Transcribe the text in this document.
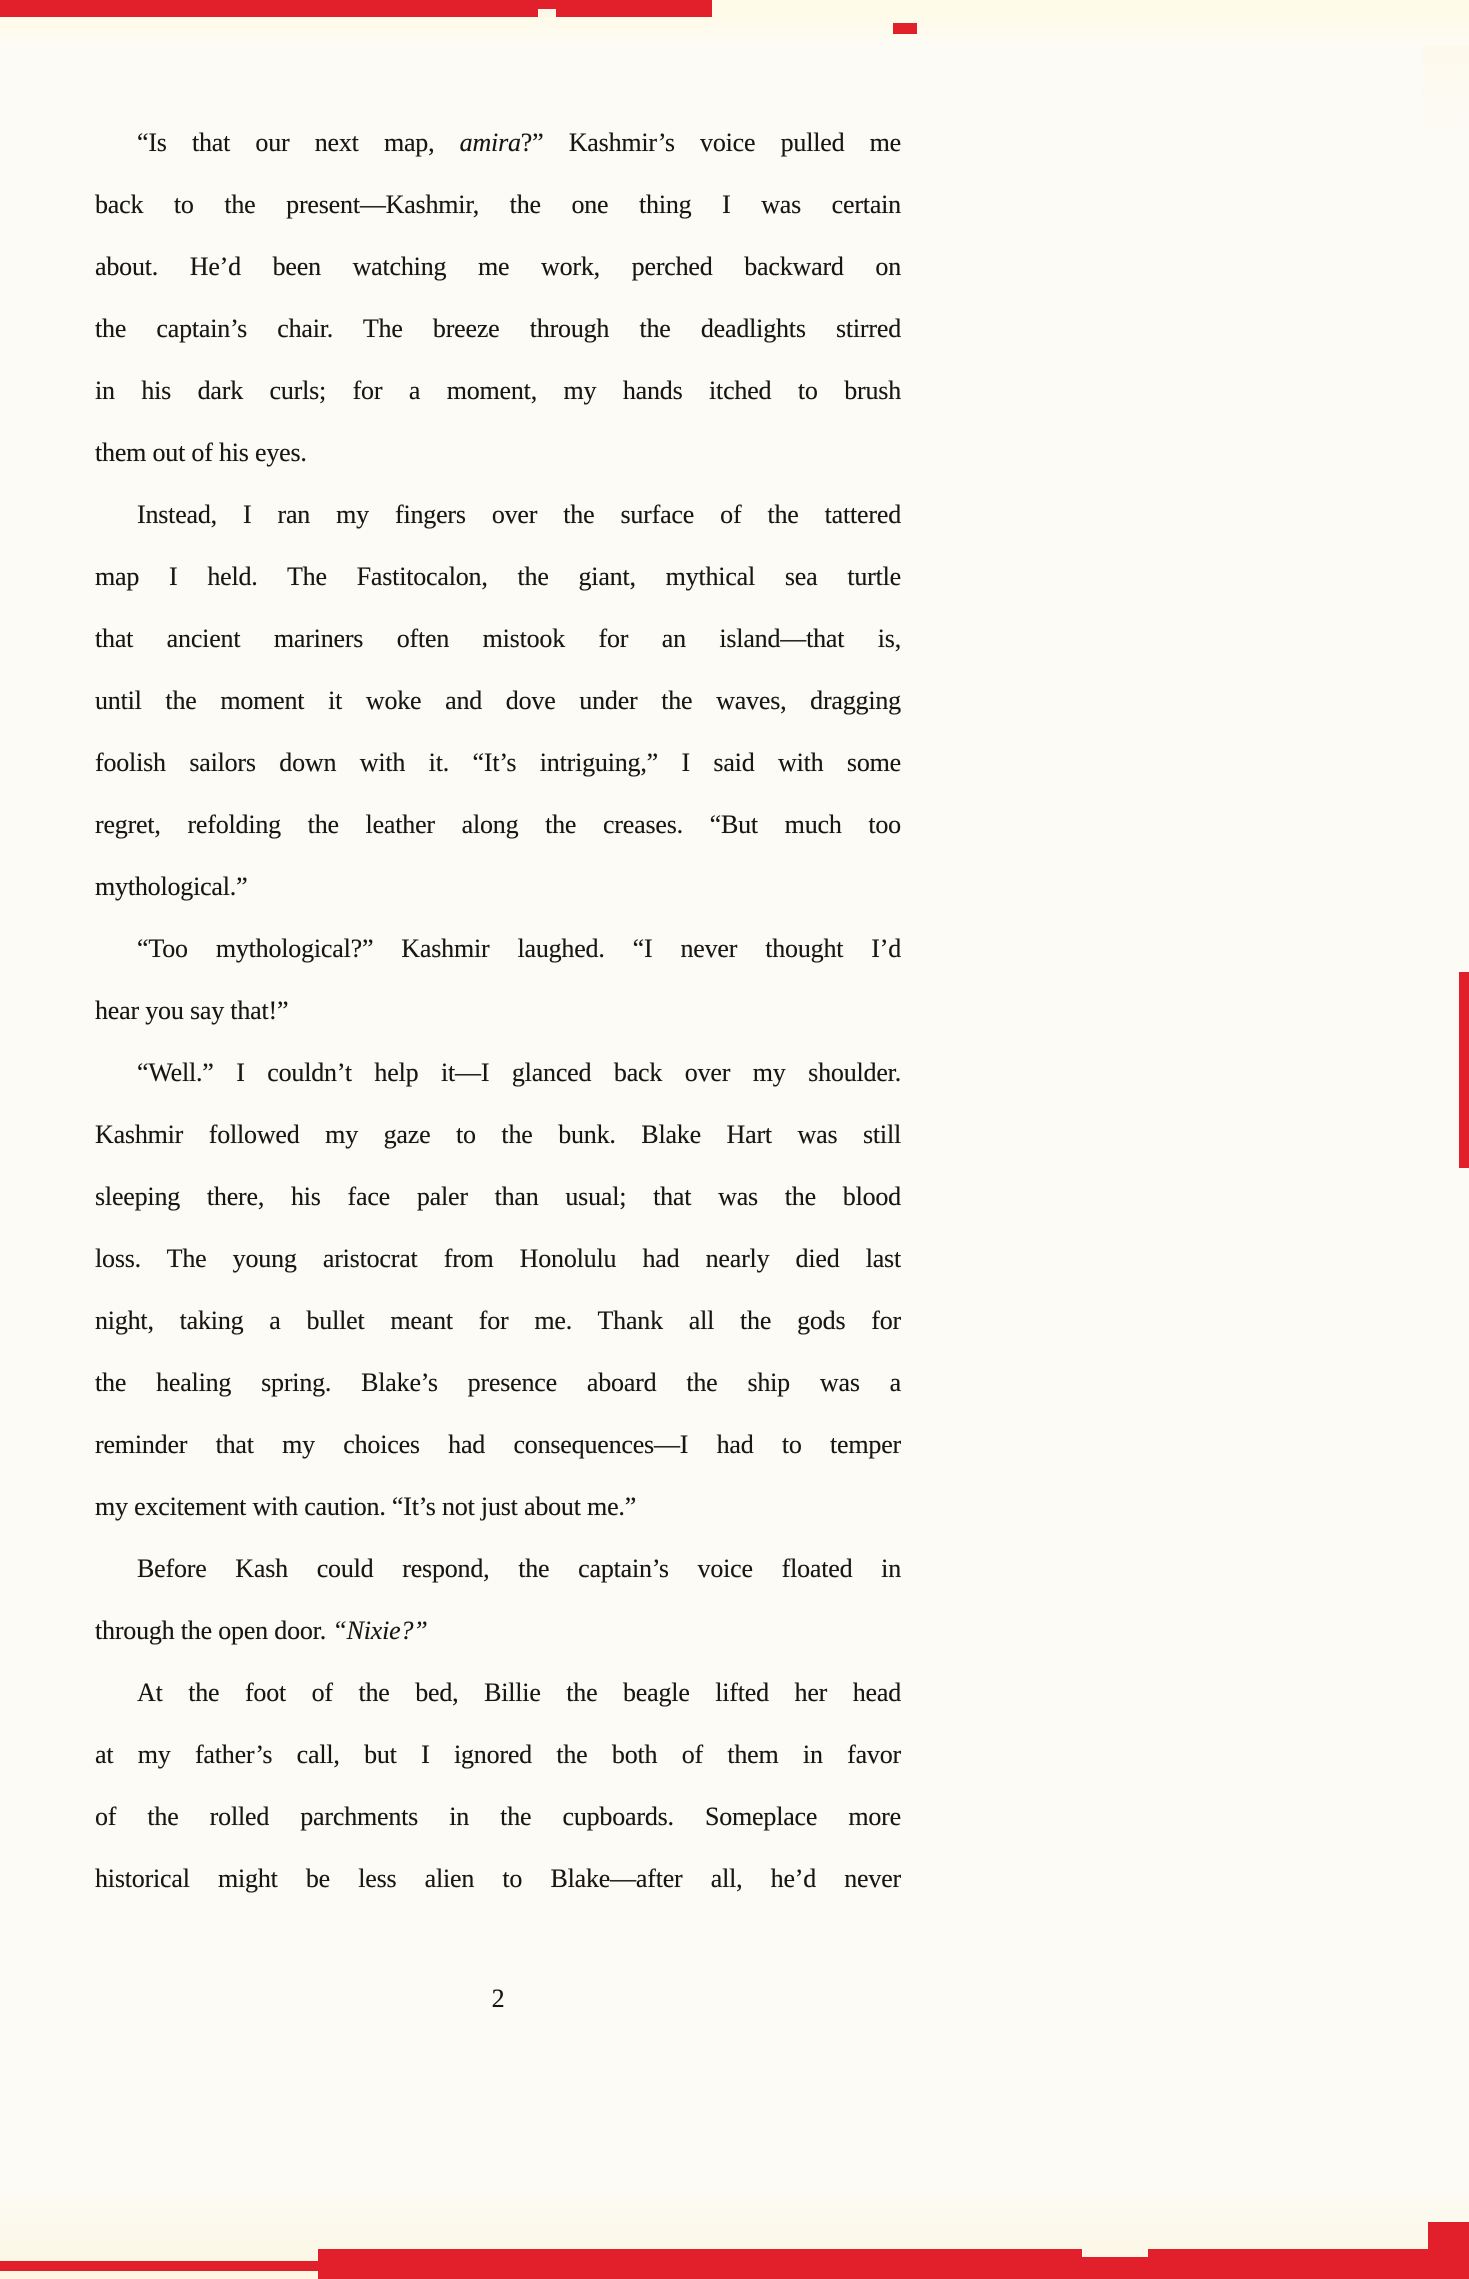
“Is that our next map, amira?” Kashmir’s voice pulled me
back to the present—Kashmir, the one thing I was certain
about. He’d been watching me work, perched backward on
the captain’s chair. The breeze through the deadlights stirred
in his dark curls; for a moment, my hands itched to brush
them out of his eyes.
Instead, I ran my fingers over the surface of the tattered
map I held. The Fastitocalon, the giant, mythical sea turtle
that ancient mariners often mistook for an island—that is,
until the moment it woke and dove under the waves, dragging
foolish sailors down with it. “It’s intriguing,” I said with some
regret, refolding the leather along the creases. “But much too
mythological.”
“Too mythological?” Kashmir laughed. “I never thought I’d
hear you say that!”
“Well.” I couldn’t help it—I glanced back over my shoulder.
Kashmir followed my gaze to the bunk. Blake Hart was still
sleeping there, his face paler than usual; that was the blood
loss. The young aristocrat from Honolulu had nearly died last
night, taking a bullet meant for me. Thank all the gods for
the healing spring. Blake’s presence aboard the ship was a
reminder that my choices had consequences—I had to temper
my excitement with caution. “It’s not just about me.”
Before Kash could respond, the captain’s voice floated in
through the open door. “Nixie?”
At the foot of the bed, Billie the beagle lifted her head
at my father’s call, but I ignored the both of them in favor
of the rolled parchments in the cupboards. Someplace more
historical might be less alien to Blake—after all, he’d never
2
